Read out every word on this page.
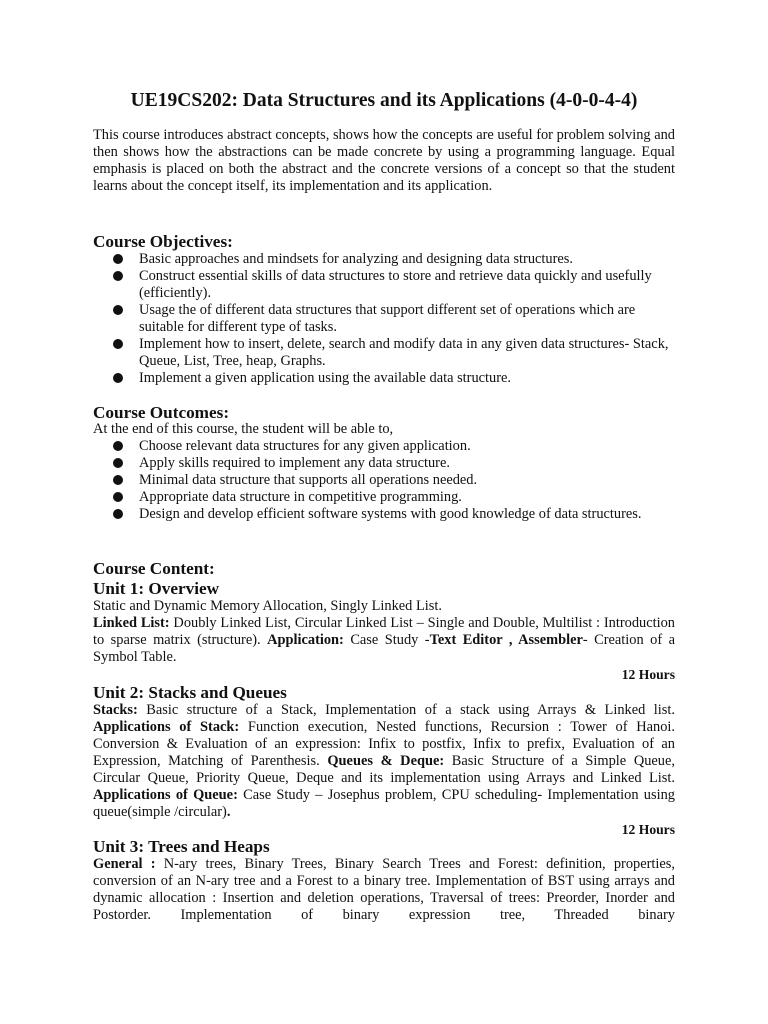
UE19CS202: Data Structures and its Applications (4-0-0-4-4)
This course introduces abstract concepts, shows how the concepts are useful for problem solving and then shows how the abstractions can be made concrete by using a programming language. Equal emphasis is placed on both the abstract and the concrete versions of a concept so that the student learns about the concept itself, its implementation and its application.
Course Objectives:
Basic approaches and mindsets for analyzing and designing data structures.
Construct essential skills of data structures to store and retrieve data quickly and usefully (efficiently).
Usage the of different data structures that support different set of operations which are suitable for different type of tasks.
Implement how to insert, delete, search and modify data in any given data structures- Stack, Queue, List, Tree, heap, Graphs.
Implement a given application using the available data structure.
Course Outcomes:
At the end of this course, the student will be able to,
Choose relevant data structures for any given application.
Apply skills required to implement any data structure.
Minimal data structure that supports all operations needed.
Appropriate data structure in competitive programming.
Design and develop efficient software systems with good knowledge of data structures.
Course Content:
Unit 1: Overview
Static and Dynamic Memory Allocation, Singly Linked List.
Linked List: Doubly Linked List, Circular Linked List – Single and Double, Multilist : Introduction to sparse matrix (structure). Application: Case Study -Text Editor , Assembler- Creation of a Symbol Table.
12 Hours
Unit 2: Stacks and Queues
Stacks: Basic structure of a Stack, Implementation of a stack using Arrays & Linked list. Applications of Stack: Function execution, Nested functions, Recursion : Tower of Hanoi. Conversion & Evaluation of an expression: Infix to postfix, Infix to prefix, Evaluation of an Expression, Matching of Parenthesis. Queues & Deque: Basic Structure of a Simple Queue, Circular Queue, Priority Queue, Deque and its implementation using Arrays and Linked List. Applications of Queue: Case Study – Josephus problem, CPU scheduling- Implementation using queue(simple /circular).
12 Hours
Unit 3: Trees and Heaps
General : N-ary trees, Binary Trees, Binary Search Trees and Forest: definition, properties, conversion of an N-ary tree and a Forest to a binary tree. Implementation of BST using arrays and dynamic allocation : Insertion and deletion operations, Traversal of trees: Preorder, Inorder and Postorder. Implementation of binary expression tree, Threaded binary
